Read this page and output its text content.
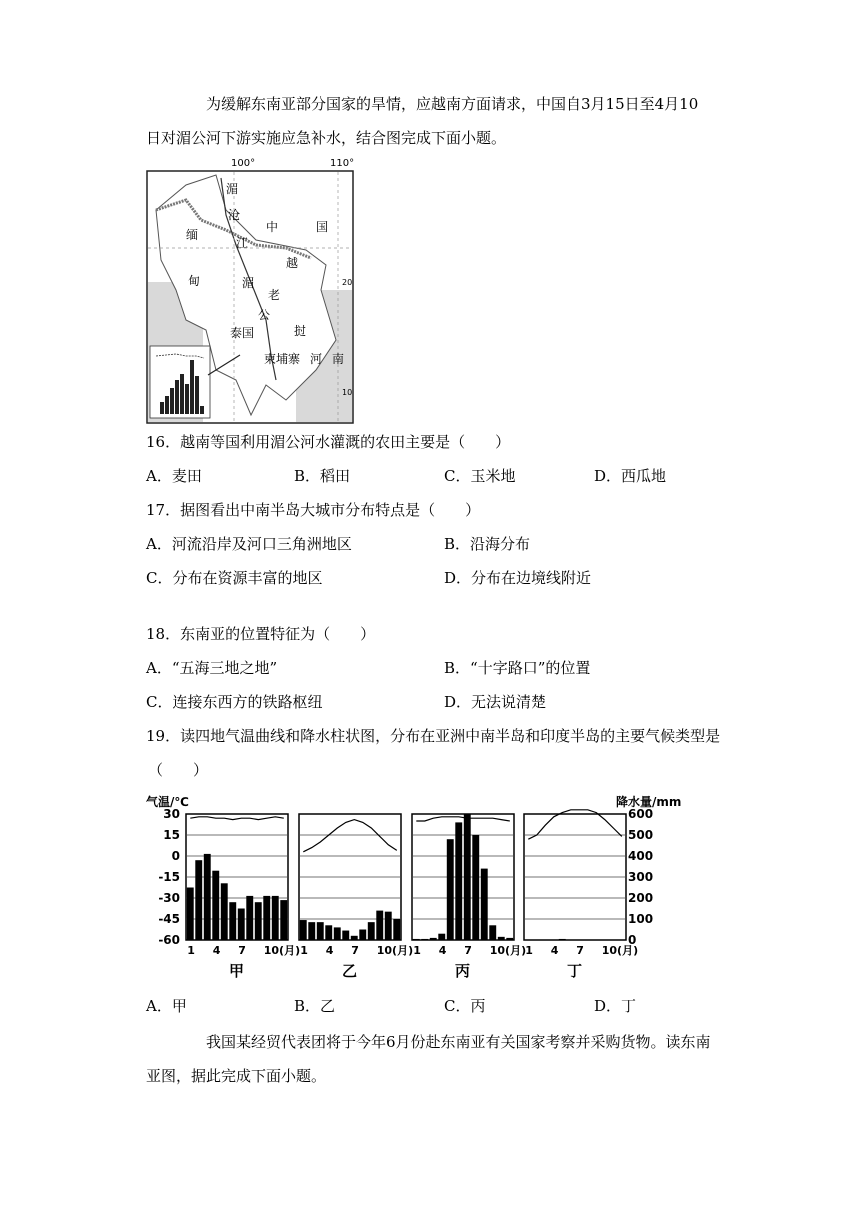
为缓解东南亚部分国家的旱情，应越南方面请求，中国自3月15日至4月10
日对湄公河下游实施应急补水，结合图完成下面小题。
100°	110°
20
10
湄
沧
中	国
江
缅
甸
越
湄
老
公
泰国	挝
柬埔寨 河 南
16．越南等国利用湄公河水灌溉的农田主要是（　　）
A．麦田	B．稻田	C．玉米地	D．西瓜地
17．据图看出中南半岛大城市分布特点是（　　）
A．河流沿岸及河口三角洲地区	B．沿海分布
C．分布在资源丰富的地区	D．分布在边境线附近
18．东南亚的位置特征为（　　）
A．“五海三地之地”	B．“十字路口”的位置
C．连接东西方的铁路枢纽	D．无法说清楚
19．读四地气温曲线和降水柱状图，分布在亚洲中南半岛和印度半岛的主要气候类型是
（　　）
气温/℃	降水量/mm
30
15
0
-15
-30
-45
-60
600
500
400
300
200
100
0
1 4 7 10(月)
甲
1 4 7 10(月)
乙
1 4 7 10(月)
丙
1 4 7 10(月)
丁
A．甲	B．乙	C．丙	D．丁
我国某经贸代表团将于今年6月份赴东南亚有关国家考察并采购货物。读东南
亚图，据此完成下面小题。
